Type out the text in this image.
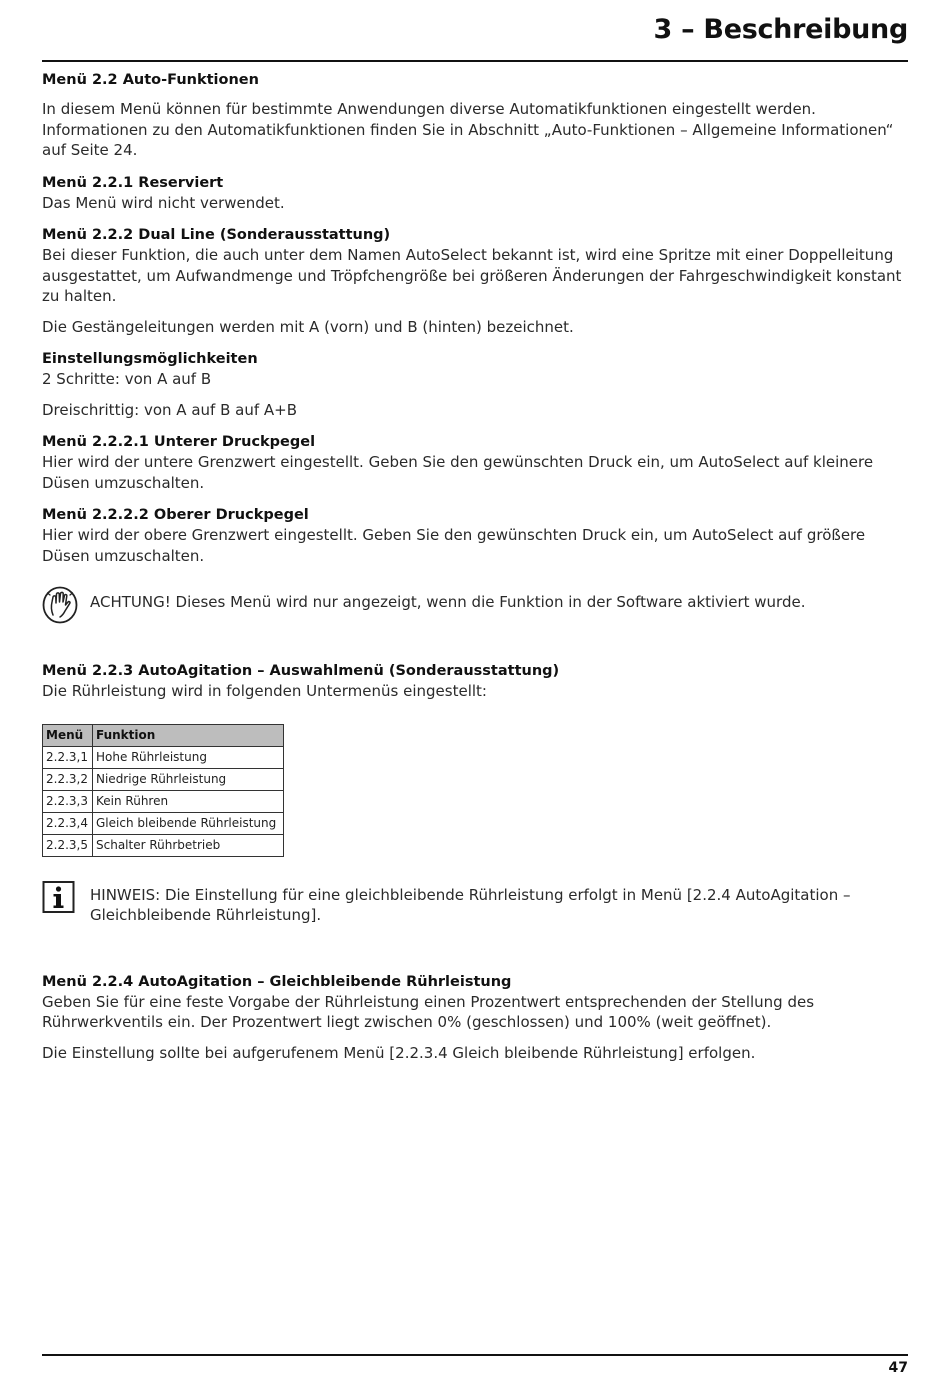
3 – Beschreibung
Menü 2.2 Auto-Funktionen

In diesem Menü können für bestimmte Anwendungen diverse Automatikfunktionen eingestellt werden. Informationen zu den Automatikfunktionen finden Sie in Abschnitt „Auto-Funktionen – Allgemeine Informationen“ auf Seite 24.

Menü 2.2.1 Reserviert

Das Menü wird nicht verwendet.

Menü 2.2.2 Dual Line (Sonderausstattung)

Bei dieser Funktion, die auch unter dem Namen AutoSelect bekannt ist, wird eine Spritze mit einer Doppelleitung ausgestattet, um Aufwandmenge und Tröpfchengröße bei größeren Änderungen der Fahrgeschwindigkeit konstant zu halten.

Die Gestängeleitungen werden mit A (vorn) und B (hinten) bezeichnet.

Einstellungsmöglichkeiten

2 Schritte: von A auf B

Dreischrittig: von A auf B auf A+B

Menü 2.2.2.1 Unterer Druckpegel

Hier wird der untere Grenzwert eingestellt. Geben Sie den gewünschten Druck ein, um AutoSelect auf kleinere Düsen umzuschalten.

Menü 2.2.2.2 Oberer Druckpegel

Hier wird der obere Grenzwert eingestellt. Geben Sie den gewünschten Druck ein, um AutoSelect auf größere Düsen umzuschalten.

ACHTUNG! Dieses Menü wird nur angezeigt, wenn die Funktion in der Software aktiviert wurde.

Menü 2.2.3 AutoAgitation – Auswahlmenü (Sonderausstattung)

Die Rührleistung wird in folgenden Untermenüs eingestellt:

Menü	Funktion
2.2.3,1	Hohe Rührleistung
2.2.3,2	Niedrige Rührleistung
2.2.3,3	Kein Rühren
2.2.3,4	Gleich bleibende Rührleistung
2.2.3,5	Schalter Rührbetrieb

HINWEIS: Die Einstellung für eine gleichbleibende Rührleistung erfolgt in Menü [2.2.4 AutoAgitation – Gleichbleibende Rührleistung].

Menü 2.2.4 AutoAgitation – Gleichbleibende Rührleistung

Geben Sie für eine feste Vorgabe der Rührleistung einen Prozentwert entsprechenden der Stellung des Rührwerkventils ein. Der Prozentwert liegt zwischen 0% (geschlossen) und 100% (weit geöffnet).

Die Einstellung sollte bei aufgerufenem Menü [2.2.3.4 Gleich bleibende Rührleistung] erfolgen.

47
